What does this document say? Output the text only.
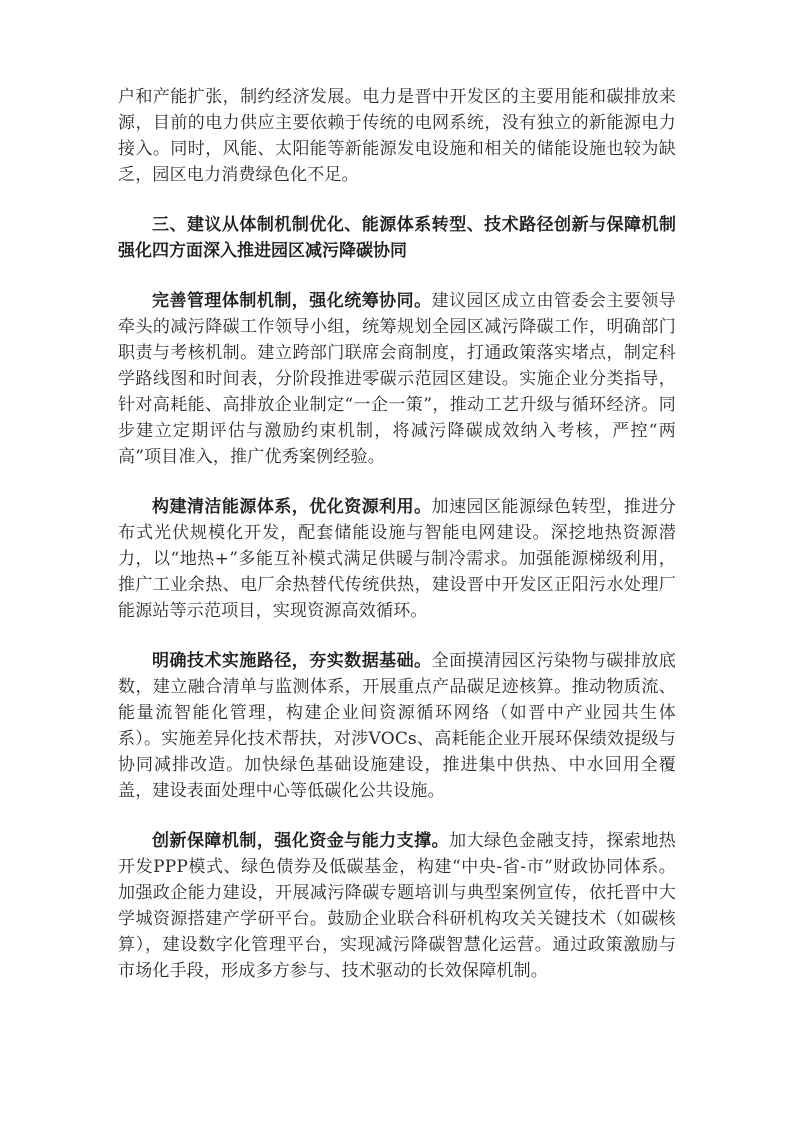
户和产能扩张，制约经济发展。电力是晋中开发区的主要用能和碳排放来源，目前的电力供应主要依赖于传统的电网系统，没有独立的新能源电力接入。同时，风能、太阳能等新能源发电设施和相关的储能设施也较为缺乏，园区电力消费绿色化不足。

三、建议从体制机制优化、能源体系转型、技术路径创新与保障机制强化四方面深入推进园区减污降碳协同

完善管理体制机制，强化统筹协同。建议园区成立由管委会主要领导牵头的减污降碳工作领导小组，统筹规划全园区减污降碳工作，明确部门职责与考核机制。建立跨部门联席会商制度，打通政策落实堵点，制定科学路线图和时间表，分阶段推进零碳示范园区建设。实施企业分类指导，针对高耗能、高排放企业制定“一企一策”，推动工艺升级与循环经济。同步建立定期评估与激励约束机制，将减污降碳成效纳入考核，严控“两高”项目准入，推广优秀案例经验。

构建清洁能源体系，优化资源利用。加速园区能源绿色转型，推进分布式光伏规模化开发，配套储能设施与智能电网建设。深挖地热资源潜力，以“地热+”多能互补模式满足供暖与制冷需求。加强能源梯级利用，推广工业余热、电厂余热替代传统供热，建设晋中开发区正阳污水处理厂能源站等示范项目，实现资源高效循环。

明确技术实施路径，夯实数据基础。全面摸清园区污染物与碳排放底数，建立融合清单与监测体系，开展重点产品碳足迹核算。推动物质流、能量流智能化管理，构建企业间资源循环网络（如晋中产业园共生体系）。实施差异化技术帮扶，对涉VOCs、高耗能企业开展环保绩效提级与协同减排改造。加快绿色基础设施建设，推进集中供热、中水回用全覆盖，建设表面处理中心等低碳化公共设施。

创新保障机制，强化资金与能力支撑。加大绿色金融支持，探索地热开发PPP模式、绿色债券及低碳基金，构建“中央-省-市”财政协同体系。加强政企能力建设，开展减污降碳专题培训与典型案例宣传，依托晋中大学城资源搭建产学研平台。鼓励企业联合科研机构攻关关键技术（如碳核算），建设数字化管理平台，实现减污降碳智慧化运营。通过政策激励与市场化手段，形成多方参与、技术驱动的长效保障机制。
